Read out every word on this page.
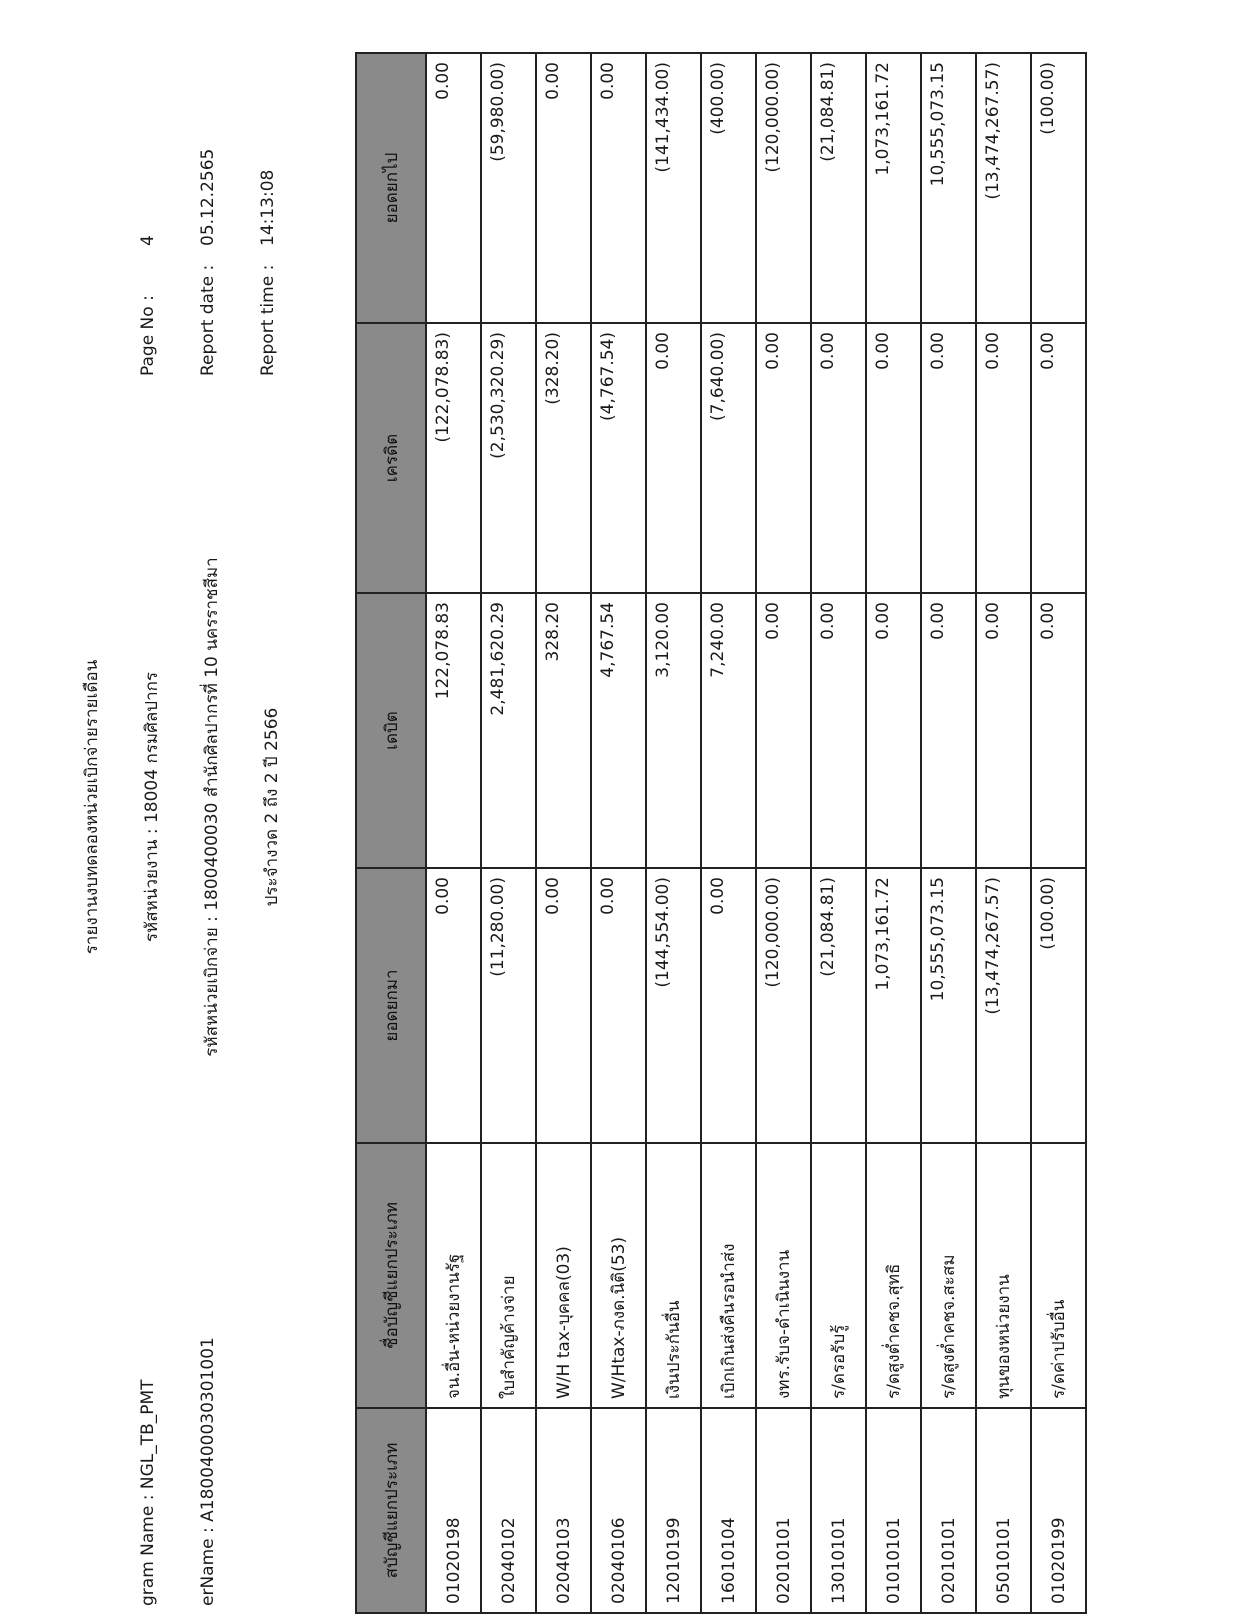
รายงานงบทดลองหน่วยเบิกจ่ายรายเดือน รหัสหน่วยงาน : 18004 กรมศิลปากร รหัสหน่วยเบิกจ่าย : 1800400030 สำนักศิลปากรที่ 10 นครราชสีมา ประจำงวด 2 ถึง 2 ปี 2566
gram Name : NGL_TB_PMT erName : A1800400030301001
Page No :
4
Report date :
05.12.2565
Report time :
14:13:08
สบัญชีแยกประเภท	ชื่อบัญชีแยกประเภท	ยอดยกมา	เดบิต	เครดิต	ยอดยกไป
01020198	จน.อื่น-หน่วยงานรัฐ	0.00	122,078.83	(122,078.83)	0.00
02040102	ใบสำคัญค้างจ่าย	(11,280.00)	2,481,620.29	(2,530,320.29)	(59,980.00)
02040103	W/H tax-บุคคล(03)	0.00	328.20	(328.20)	0.00
02040106	W/Htax-ภงด.นิติ(53)	0.00	4,767.54	(4,767.54)	0.00
12010199	เงินประกันอื่น	(144,554.00)	3,120.00	0.00	(141,434.00)
16010104	เบิกเกินส่งคืนรอนำส่ง	0.00	7,240.00	(7,640.00)	(400.00)
02010101	งทร.รับจ-ดำเนินงาน	(120,000.00)	0.00	0.00	(120,000.00)
13010101	ร/ดรอรับรู้	(21,084.81)	0.00	0.00	(21,084.81)
01010101	ร/ดสูงต่ำคชจ.สุทธิ	1,073,161.72	0.00	0.00	1,073,161.72
02010101	ร/ดสูงต่ำคชจ.สะสม	10,555,073.15	0.00	0.00	10,555,073.15
05010101	ทุนของหน่วยงาน	(13,474,267.57)	0.00	0.00	(13,474,267.57)
01020199	ร/ดค่าปรับอื่น	(100.00)	0.00	0.00	(100.00)
